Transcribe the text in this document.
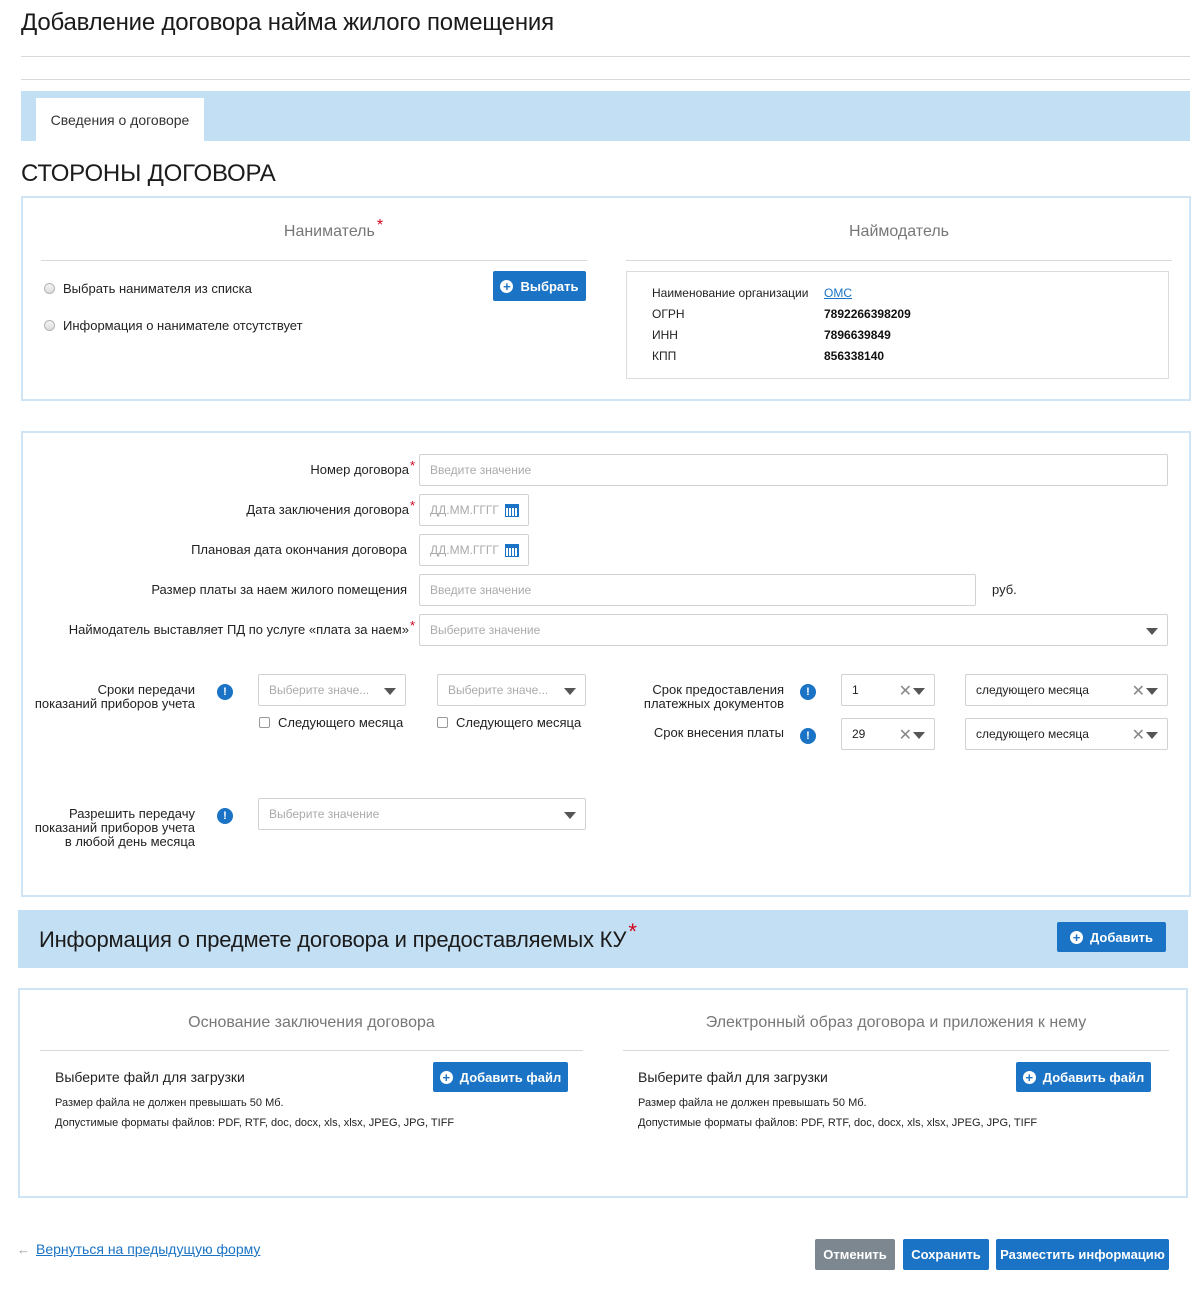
Добавление договора найма жилого помещения
Сведения о договоре
СТОРОНЫ ДОГОВОРА
Наниматель *
Выбрать нанимателя из списка
Информация о нанимателе отсутствует
+ Выбрать
Наймодатель
Наименование организации	ОМС
ОГРН	7892266398209
ИНН	7896639849
КПП	856338140
Номер договора* Введите значение
Дата заключения договора* ДД.ММ.ГГГГ
Плановая дата окончания договора ДД.ММ.ГГГГ
Размер платы за наем жилого помещения Введите значение	руб.
Наймодатель выставляет ПД по услуге «плата за наем»* Выберите значение
Сроки передачи
показаний приборов учета
!	Выберите значе...	Выберите значе...
Следующего месяца	Следующего месяца
Срок предоставления
платежных документов
!	1 ✕	следующего месяца	✕
Срок внесения платы	!	29 ✕	следующего месяца	✕
Разрешить передачу
показаний приборов учета
в любой день месяца
!	Выберите значение
Информация о предмете договора и предоставляемых КУ*	+ Добавить
Основание заключения договора
Выберите файл для загрузки	+ Добавить файл
Размер файла не должен превышать 50 Мб.
Допустимые форматы файлов: PDF, RTF, doc, docx, xls, xlsx, JPEG, JPG, TIFF
Электронный образ договора и приложения к нему
Выберите файл для загрузки	+ Добавить файл
Размер файла не должен превышать 50 Мб.
Допустимые форматы файлов: PDF, RTF, doc, docx, xls, xlsx, JPEG, JPG, TIFF
← Вернуться на предыдущую форму	Отменить	Сохранить	Разместить информацию
